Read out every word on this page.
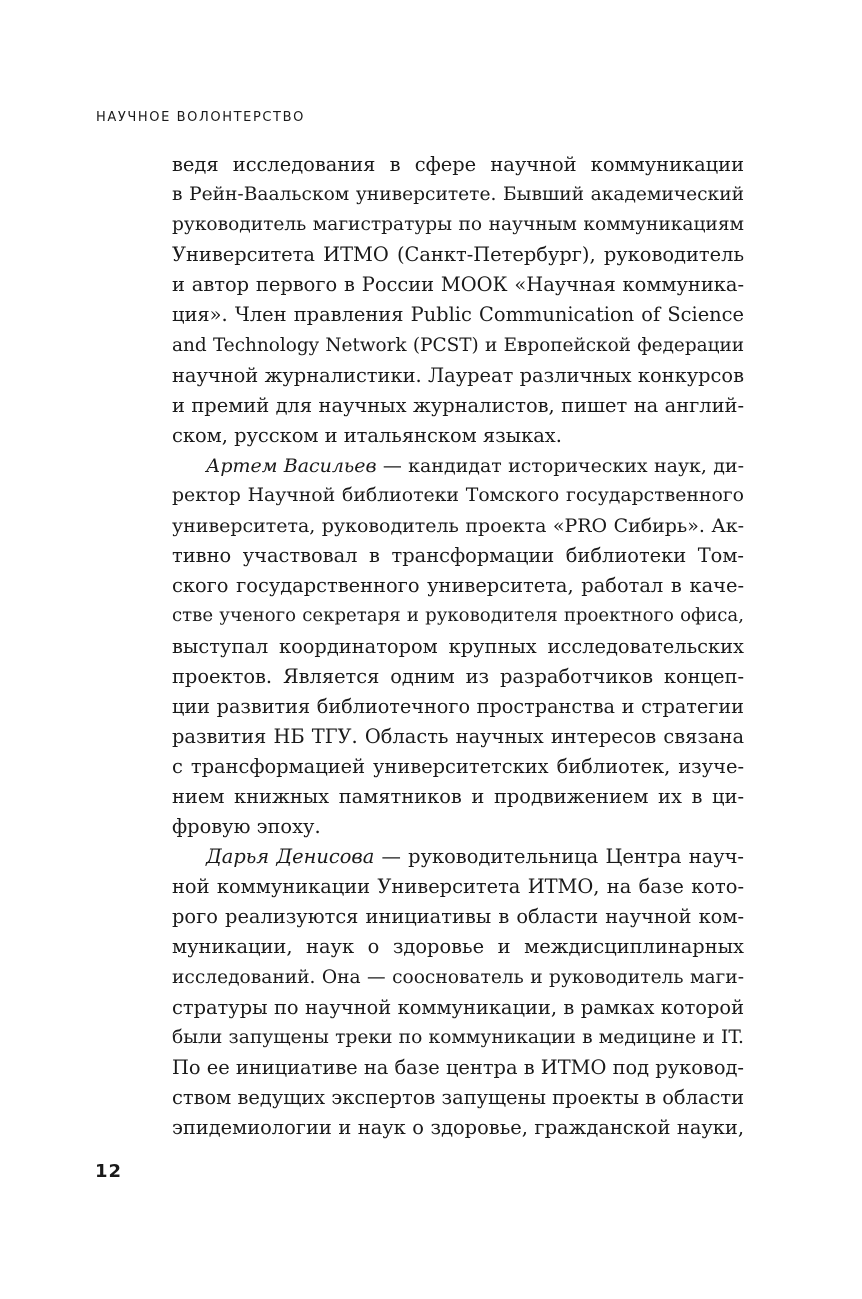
НАУЧНОЕ ВОЛОНТЕРСТВО
ведя исследования в сфере научной коммуникации
в Рейн-Ваальском университете. Бывший академический
руководитель магистратуры по научным коммуникациям
Университета ИТМО (Санкт-Петербург), руководитель
и автор первого в России МООК «Научная коммуника-
ция». Член правления Public Communication of Science
and Technology Network (PCST) и Европейской федерации
научной журналистики. Лауреат различных конкурсов
и премий для научных журналистов, пишет на англий-
ском, русском и итальянском языках.
Артем Васильев — кандидат исторических наук, ди-
ректор Научной библиотеки Томского государственного
университета, руководитель проекта «PRO Сибирь». Ак-
тивно участвовал в трансформации библиотеки Том-
ского государственного университета, работал в каче-
стве ученого секретаря и руководителя проектного офиса,
выступал координатором крупных исследовательских
проектов. Является одним из разработчиков концеп-
ции развития библиотечного пространства и стратегии
развития НБ ТГУ. Область научных интересов связана
с трансформацией университетских библиотек, изуче-
нием книжных памятников и продвижением их в ци-
фровую эпоху.
Дарья Денисова — руководительница Центра науч-
ной коммуникации Университета ИТМО, на базе кото-
рого реализуются инициативы в области научной ком-
муникации, наук о здоровье и междисциплинарных
исследований. Она — сооснователь и руководитель маги-
стратуры по научной коммуникации, в рамках которой
были запущены треки по коммуникации в медицине и IT.
По ее инициативе на базе центра в ИТМО под руковод-
ством ведущих экспертов запущены проекты в области
эпидемиологии и наук о здоровье, гражданской науки,
12
